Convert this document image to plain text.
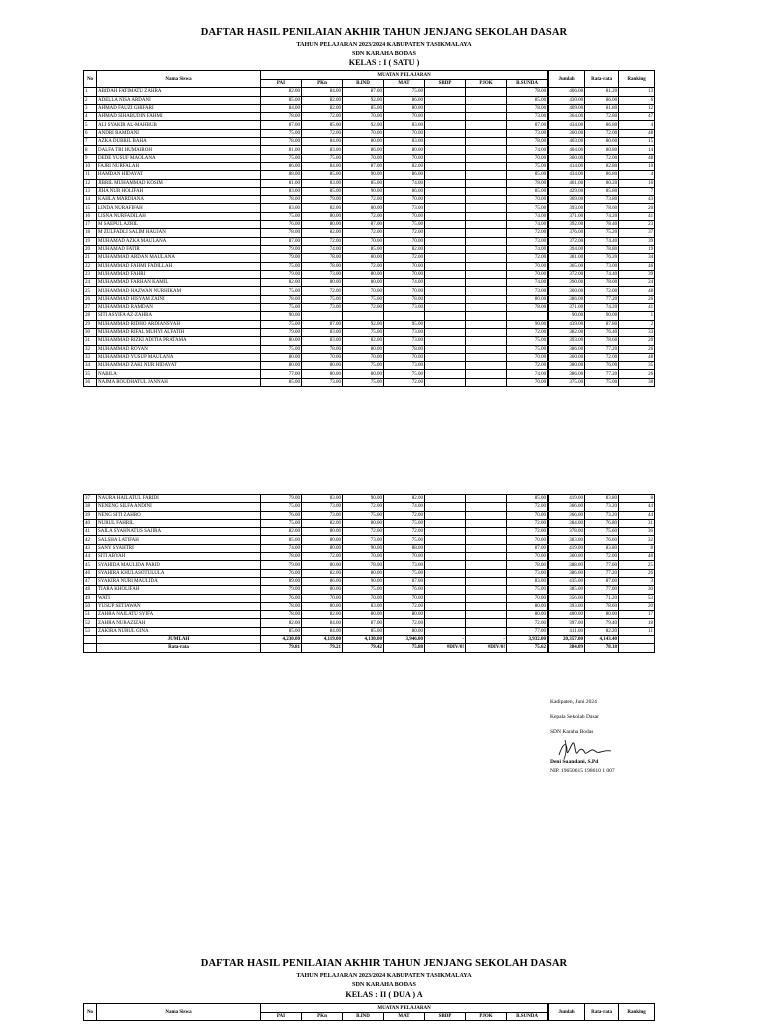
DAFTAR HASIL PENILAIAN AKHIR TAHUN JENJANG SEKOLAH DASAR
TAHUN PELAJARAN 2023/2024 KABUPATEN TASIKMALAYA
SDN KARAHA BODAS
KELAS : I ( SATU )
No	Nama Siswa	MUATAN PELAJARAN							Jumlah	Rata-rata	Ranking
		PAI	PKn	B.IND	MAT	SBDP	PJOK	B.SUNDA			
1	ABIDAH FATIMATU ZAHRA	82.00	84.00	87.00	75.00			78.00		406.00	81.20	13
2	ADELLA NISA ARDANI	85.00	82.00	92.00	86.00			85.00		430.00	86.00	6
3	AHMAD FAUZI GHIFARI	84.00	82.00	85.00	80.00			78.00		409.00	81.80	12
4	AHMAD SIHABUDIN FAHMI	78.00	72.00	70.00	70.00			73.00		364.00	72.80	47
5	ALI SYAKIR AL-MAHBUB	87.00	85.00	92.00	83.00			87.00		434.00	86.80	4
6	ANDRI RAMDANI	75.00	72.00	70.00	70.00			73.00		360.00	72.00	48
7	AZKA DURRIL BAHA	78.00	84.00	80.00	83.00			78.00		403.00	80.60	15
8	DALFA TRI HUMAIROH	81.00	83.00	86.00	80.00			74.00		404.00	80.80	14
9	DEDE YUSUF MAOLANA	75.00	75.00	70.00	70.00			70.00		360.00	72.00	48
10	FAJRI NURFALAH	86.00	84.00	87.00	82.00			75.00		414.00	82.80	10
11	HAMDAN HIDAYAT	88.00	85.00	90.00	86.00			85.00		434.00	86.80	4
12	JIBRIL MUHAMMAD KOSIM	81.00	83.00	85.00	74.00			78.00		401.00	80.20	16
13	JIHA NUR HOLIFAH	83.00	85.00	90.00	86.00			85.00		429.00	85.80	7
14	KAHLA MARDIANA	78.00	79.00	72.00	70.00			70.00		369.00	73.80	43
15	LINDA NURAFIFAH	83.00	82.00	80.00	73.00			75.00		393.00	78.60	20
16	LISNA NURFADILAH	75.00	80.00	72.00	70.00			74.00		371.00	74.20	41
17	M SAEPUL AZRIL	76.00	80.00	87.00	75.00			74.00		392.00	78.40	23
18	M ZULFADLI SALIM HAUJAN	78.00	82.00	72.00	72.00			72.00		376.00	75.20	37
19	MUHAMAD AZKA MAULANA	87.00	72.00	70.00	70.00			73.00		372.00	74.40	39
20	MUHAMAD FATIR	79.00	74.00	85.00	82.00			74.00		394.00	78.80	19
21	MUHAMMAD ARDAN MAULANA	79.00	78.00	80.00	72.00			72.00		381.00	76.20	34
22	MUHAMMAD FAHMI FADILLAH	75.00	78.00	72.00	70.00			70.00		365.00	73.00	46
23	MUHAMMAD FAHRI	79.00	73.00	80.00	70.00			70.00		372.00	74.40	39
24	MUHAMMAD FARHAN KAMIL	82.00	80.00	80.00	74.00			74.00		390.00	78.00	24
25	MUHAMMAD HAZWAN NURHIKAM	75.00	72.00	70.00	70.00			73.00		360.00	72.00	48
26	MUHAMMAD HISYAM ZAINI	78.00	75.00	75.00	78.00			80.00		386.00	77.20	26
27	MUHAMMAD RAMDAN	75.00	73.00	72.00	73.00			78.00		371.00	74.20	41
28	SITI ASYIFA AZ-ZAHRA	90.00								90.00	90.00	1
29	MUHAMMAD RIDHO ARDIANSYAH	75.00	87.00	92.00	95.00			90.00		439.00	87.80	2
30	MUHAMMAD RIFAL MUHYI ALFATIH	79.00	83.00	75.00	73.00			72.00		382.00	76.40	33
31	MUHAMMAD RIZKI ADITIA PRATAMA	80.00	83.00	82.00	73.00			75.00		393.00	78.60	20
32	MUHAMMAD ROYAN	75.00	78.00	80.00	78.00			75.00		386.00	77.20	26
33	MUHAMMAD YUSUP MAULANA	80.00	70.00	70.00	70.00			70.00		360.00	72.00	48
34	MUHAMMAD ZAKI NUR HIDAYAT	80.00	80.00	75.00	73.00			72.00		380.00	76.00	35
35	NABILA	77.00	80.00	80.00	75.00			74.00		386.00	77.20	26
36	NAJMA ROUDHATUL JANNAH	85.00	73.00	75.00	72.00			70.00		375.00	75.00	38
37	NAURA HAILATUL FARIDI	79.00	83.00	90.00	82.00			85.00		419.00	83.80	8
38	NENENG SILFA ANDINI	75.00	73.00	72.00	74.00			72.00		366.00	73.20	44
39	NENG SITI ZAHRO	76.00	73.00	75.00	72.00			70.00		366.00	73.20	44
40	NURUL FAHRIL	75.00	82.00	80.00	75.00			72.00		384.00	76.80	31
41	SAILA SYAHNATUS SAJIRA	82.00	80.00	72.00	72.00			72.00		378.00	75.60	36
42	SALSHA LATIFAH	85.00	80.00	73.00	75.00			70.00		383.00	76.60	32
43	SANY SYAHTRI	74.00	80.00	90.00	88.00			87.00		419.00	83.80	8
44	SITI ABYAH	78.00	72.00	70.00	70.00			70.00		360.00	72.00	48
45	SYAHIDA MAULIDA PARID	79.00	80.00	78.00	73.00			78.00		388.00	77.60	25
46	SYAHIRA KHULASOTULULA	76.00	82.00	80.00	75.00			73.00		386.00	77.20	26
47	SYAKIRA NURI MAULIDA	89.00	86.00	90.00	87.00			83.00		435.00	87.00	3
48	TIARA KHOLIFAH	79.00	80.00	75.00	76.00			75.00		385.00	77.00	30
49	WATI	76.00	70.00	70.00	70.00			70.00		356.00	71.20	53
50	YUSUP SETIAWAN	78.00	80.00	83.00	72.00			80.00		393.00	78.60	20
51	ZAHRA NAILATU SYIFA	78.00	82.00	80.00	80.00			80.00		400.00	80.00	17
52	ZAHRA NURAZIZAH	82.00	84.00	87.00	72.00			72.00		397.00	79.40	18
53	ZAKIRA NURUL GINA	85.00	84.00	85.00	80.00			77.00		411.00	82.20	11
	JUMLAH	4,230.00	4,119.00	4,130.00	3,946.00	-	-	3,932.00		20,357.00	4,143.40	
	Rata-rata	79.81	79.21	79.42	75.88	#DIV/0!	#DIV/0!	75.62		384.09	78.18	
Kadipaten, Juni 2024
Kepala Sekolah Dasar
SDN Karaha Bodas
Deni Suandani, S.Pd
NIP. 19650615 198610 1 007
DAFTAR HASIL PENILAIAN AKHIR TAHUN JENJANG SEKOLAH DASAR
TAHUN PELAJARAN 2023/2024 KABUPATEN TASIKMALAYA
SDN KARAHA BODAS
KELAS : II ( DUA ) A
No	Nama Siswa	MUATAN PELAJARAN							Jumlah	Rata-rata	Ranking
		PAI	PKn	B.IND	MAT	SBDP	PJOK	B.SUNDA			
